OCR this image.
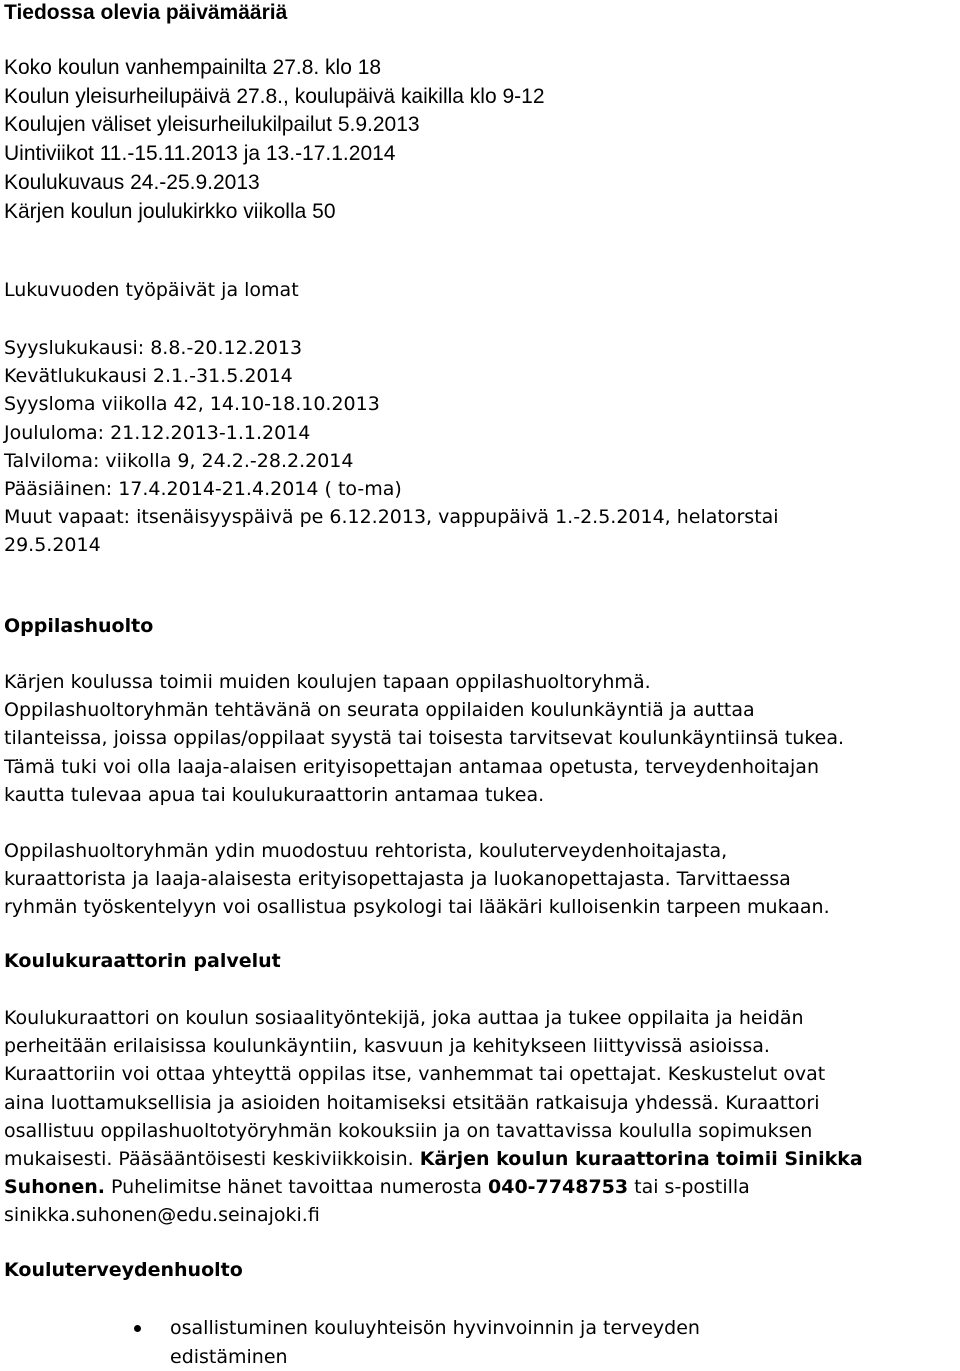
Tiedossa olevia päivämääriä
Koko koulun vanhempainilta 27.8. klo 18
Koulun yleisurheilupäivä 27.8., koulupäivä kaikilla klo 9-12
Koulujen väliset yleisurheilukilpailut 5.9.2013
Uintiviikot 11.-15.11.2013 ja 13.-17.1.2014
Koulukuvaus 24.-25.9.2013
Kärjen koulun joulukirkko viikolla 50
Lukuvuoden työpäivät ja lomat
Syyslukukausi: 8.8.-20.12.2013
Kevätlukukausi 2.1.-31.5.2014
Syysloma viikolla 42, 14.10-18.10.2013
Joululoma: 21.12.2013-1.1.2014
Talviloma: viikolla 9, 24.2.-28.2.2014
Pääsiäinen: 17.4.2014-21.4.2014 ( to-ma)
Muut vapaat: itsenäisyyspäivä pe 6.12.2013, vappupäivä 1.-2.5.2014, helatorstai
29.5.2014
Oppilashuolto
Kärjen koulussa toimii muiden koulujen tapaan oppilashuoltoryhmä.
Oppilashuoltoryhmän tehtävänä on seurata oppilaiden koulunkäyntiä ja auttaa
tilanteissa, joissa oppilas/oppilaat syystä tai toisesta tarvitsevat koulunkäyntiinsä tukea.
Tämä tuki voi olla laaja-alaisen erityisopettajan antamaa opetusta, terveydenhoitajan
kautta tulevaa apua tai koulukuraattorin antamaa tukea.
Oppilashuoltoryhmän ydin muodostuu rehtorista, kouluterveydenhoitajasta,
kuraattorista ja laaja-alaisesta erityisopettajasta ja luokanopettajasta. Tarvittaessa
ryhmän työskentelyyn voi osallistua psykologi tai lääkäri kulloisenkin tarpeen mukaan.
Koulukuraattorin palvelut
Koulukuraattori on koulun sosiaalityöntekijä, joka auttaa ja tukee oppilaita ja heidän
perheitään erilaisissa koulunkäyntiin, kasvuun ja kehitykseen liittyvissä asioissa.
Kuraattoriin voi ottaa yhteyttä oppilas itse, vanhemmat tai opettajat. Keskustelut ovat
aina luottamuksellisia ja asioiden hoitamiseksi etsitään ratkaisuja yhdessä. Kuraattori
osallistuu oppilashuoltotyöryhmän kokouksiin ja on tavattavissa koululla sopimuksen
mukaisesti. Pääsääntöisesti keskiviikkoisin. Kärjen koulun kuraattorina toimii Sinikka
Suhonen. Puhelimitse hänet tavoittaa numerosta 040-7748753 tai s-postilla
sinikka.suhonen@edu.seinajoki.fi
Kouluterveydenhuolto
osallistuminen kouluyhteisön hyvinvoinnin ja terveyden
edistäminen
